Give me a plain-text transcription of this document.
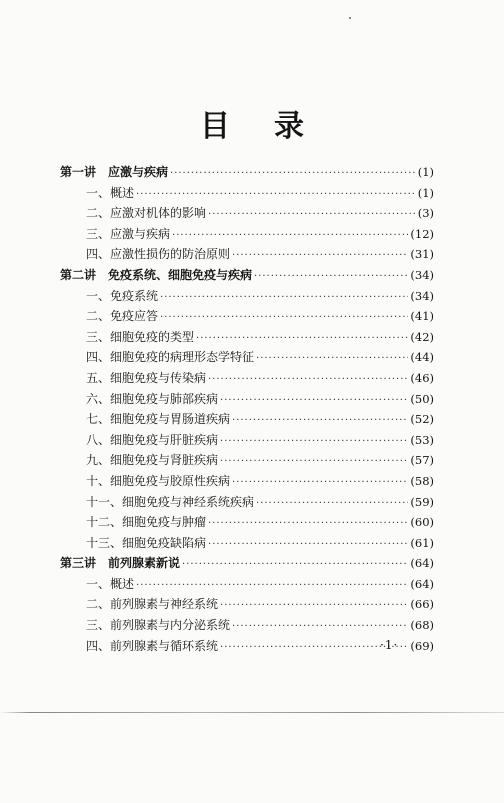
目 录
第一讲　应激与疾病 ·····	(1)
一、概述 ·····	(1)
二、应激对机体的影响 ·····	(3)
三、应激与疾病 ·····	(12)
四、应激性损伤的防治原则 ·····	(31)
第二讲　免疫系统、细胞免疫与疾病 ·····	(34)
一、免疫系统 ·····	(34)
二、免疫应答 ·····	(41)
三、细胞免疫的类型 ·····	(42)
四、细胞免疫的病理形态学特征 ·····	(44)
五、细胞免疫与传染病 ·····	(46)
六、细胞免疫与肺部疾病 ·····	(50)
七、细胞免疫与胃肠道疾病 ·····	(52)
八、细胞免疫与肝脏疾病 ·····	(53)
九、细胞免疫与肾脏疾病 ·····	(57)
十、细胞免疫与胶原性疾病 ·····	(58)
十一、细胞免疫与神经系统疾病 ·····	(59)
十二、细胞免疫与肿瘤 ·····	(60)
十三、细胞免疫缺陷病 ·····	(61)
第三讲　前列腺素新说 ·····	(64)
一、概述 ·····	(64)
二、前列腺素与神经系统 ·····	(66)
三、前列腺素与内分泌系统 ·····	(68)
四、前列腺素与循环系统 ·····	(69)
·1·
